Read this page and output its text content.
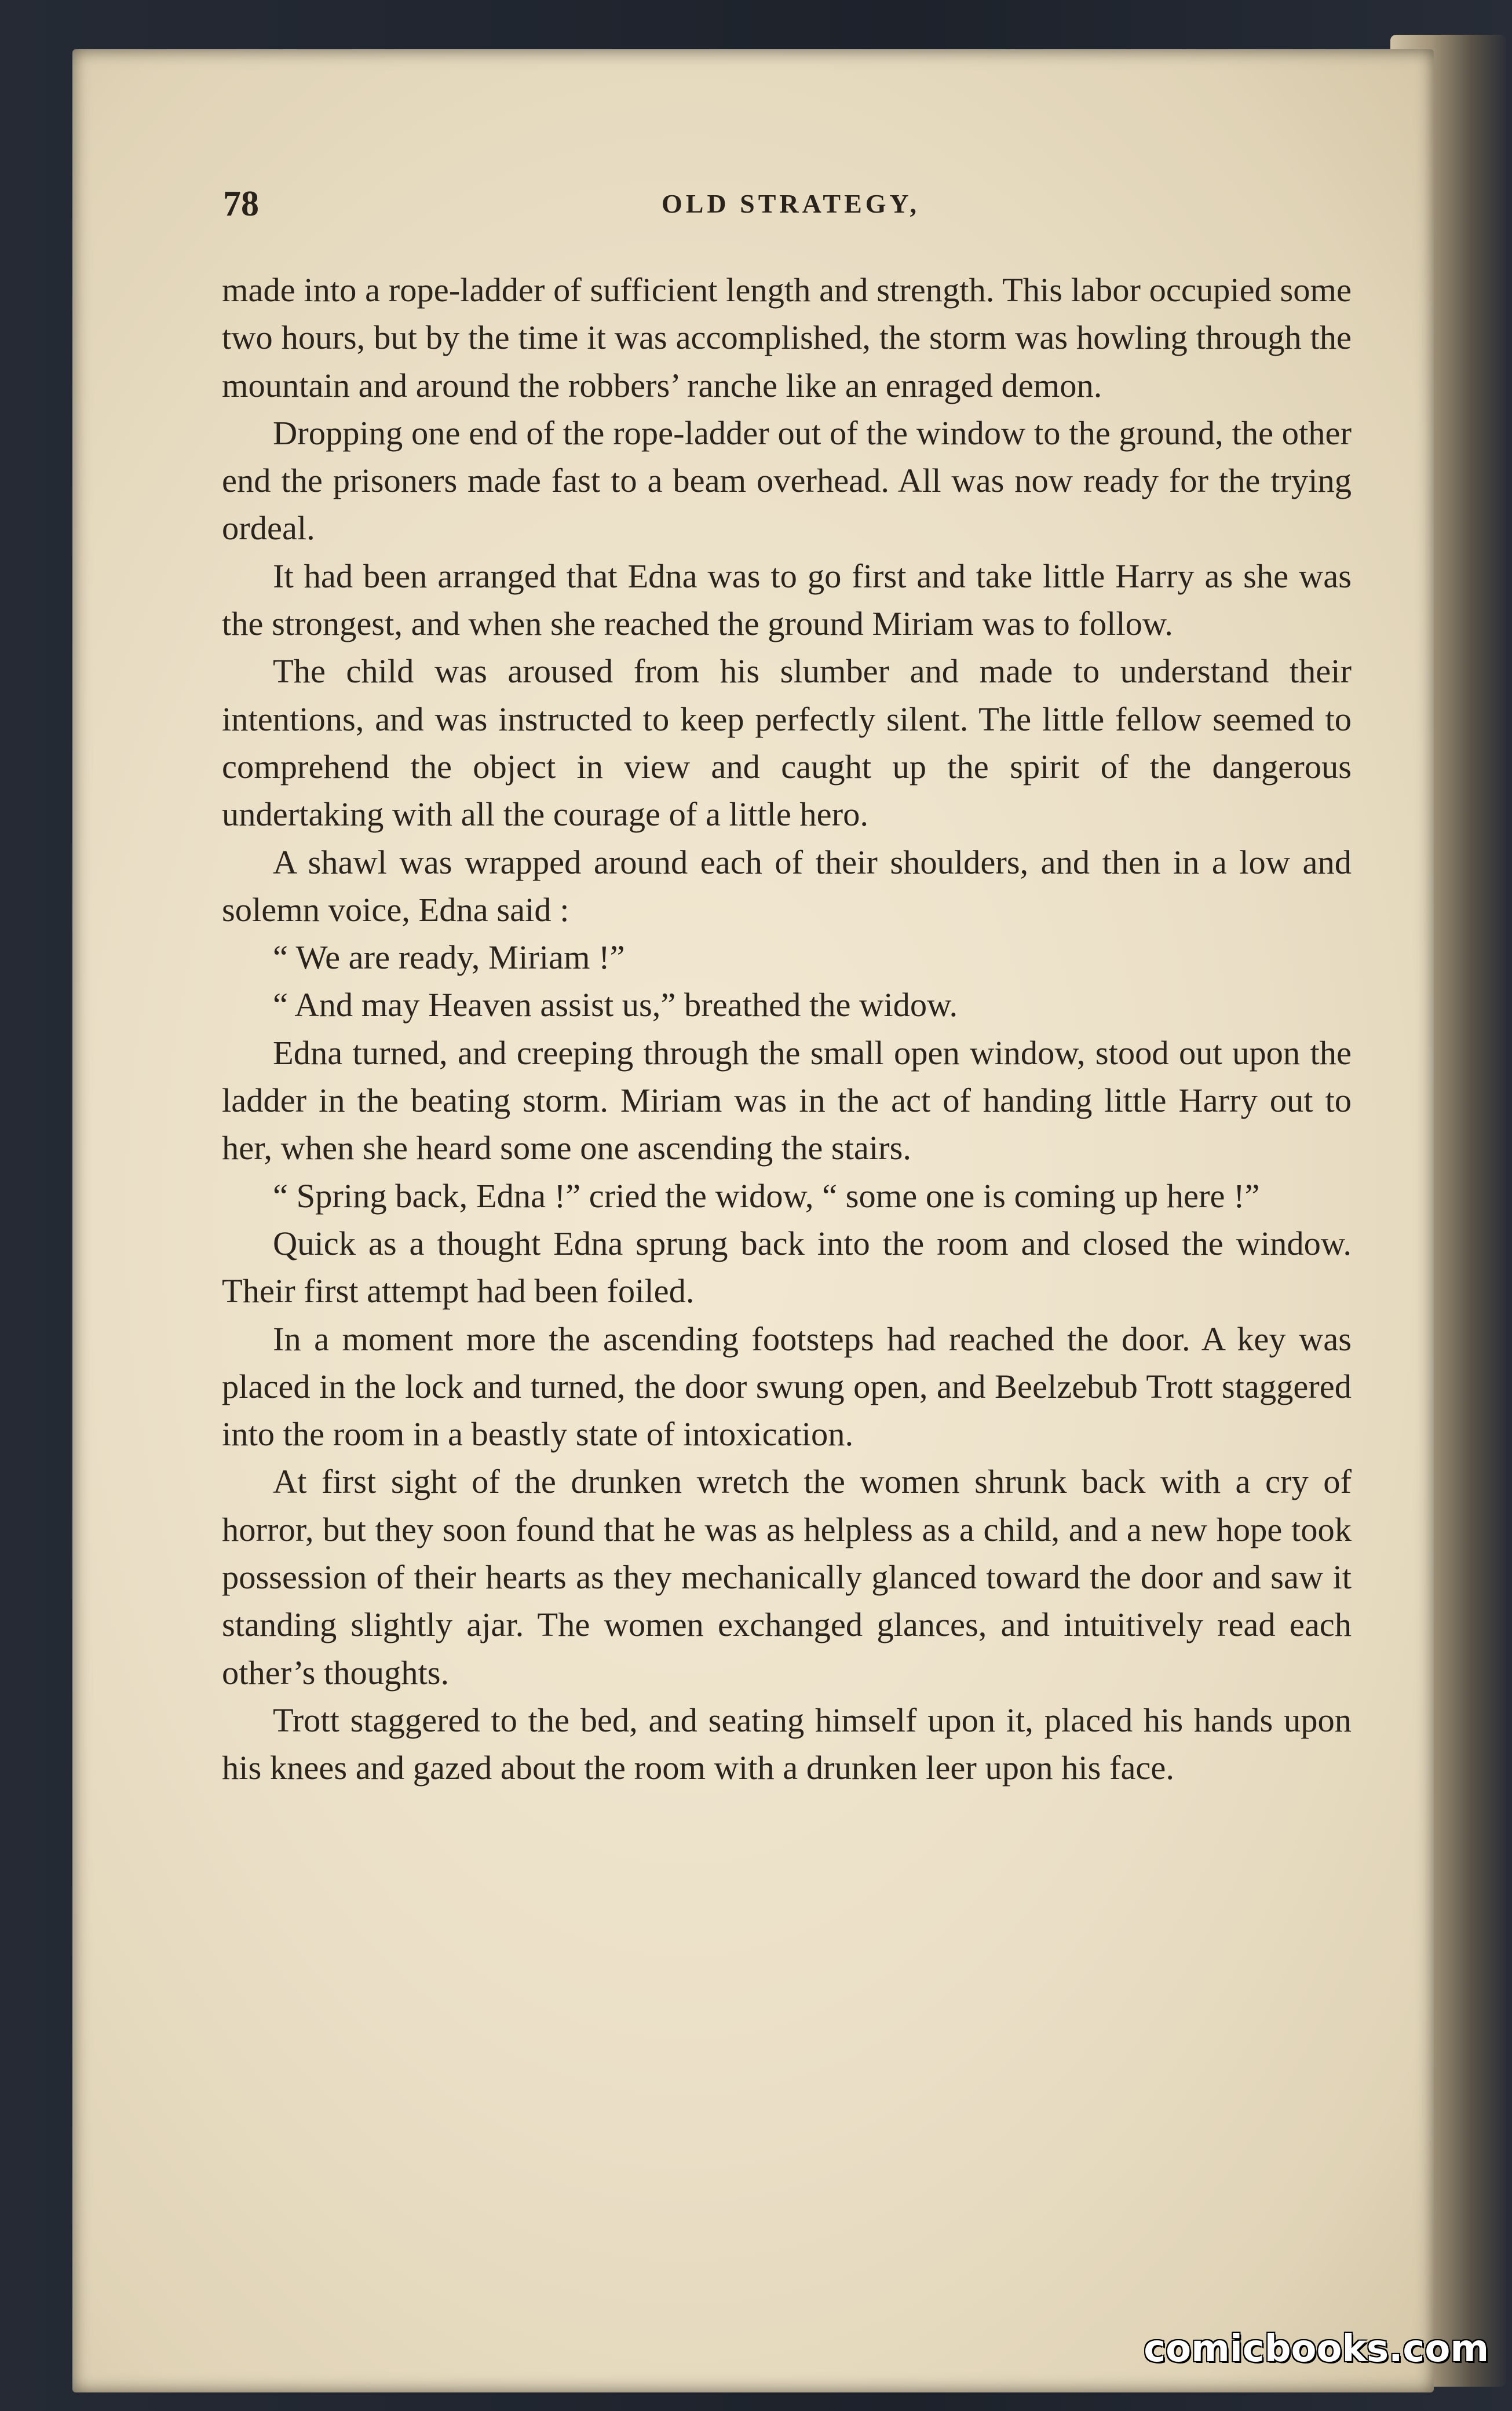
78	OLD STRATEGY,

made into a rope-ladder of sufficient length and strength. This labor occupied some two hours, but by the time it was accomplished, the storm was howling through the mountain and around the robbers’ ranche like an enraged demon.

Dropping one end of the rope-ladder out of the window to the ground, the other end the prisoners made fast to a beam overhead. All was now ready for the trying ordeal.

It had been arranged that Edna was to go first and take little Harry as she was the strongest, and when she reached the ground Miriam was to follow.

The child was aroused from his slumber and made to understand their intentions, and was instructed to keep perfectly silent. The little fellow seemed to comprehend the object in view and caught up the spirit of the dangerous undertaking with all the courage of a little hero.

A shawl was wrapped around each of their shoulders, and then in a low and solemn voice, Edna said :

“ We are ready, Miriam !”

“ And may Heaven assist us,” breathed the widow.

Edna turned, and creeping through the small open window, stood out upon the ladder in the beating storm. Miriam was in the act of handing little Harry out to her, when she heard some one ascending the stairs.

“ Spring back, Edna !” cried the widow, “ some one is coming up here !”

Quick as a thought Edna sprung back into the room and closed the window. Their first attempt had been foiled.

In a moment more the ascending footsteps had reached the door. A key was placed in the lock and turned, the door swung open, and Beelzebub Trott staggered into the room in a beastly state of intoxication.

At first sight of the drunken wretch the women shrunk back with a cry of horror, but they soon found that he was as helpless as a child, and a new hope took possession of their hearts as they mechanically glanced toward the door and saw it standing slightly ajar. The women exchanged glances, and intuitively read each other’s thoughts.

Trott staggered to the bed, and seating himself upon it, placed his hands upon his knees and gazed about the room with a drunken leer upon his face.

comicbooks.com
